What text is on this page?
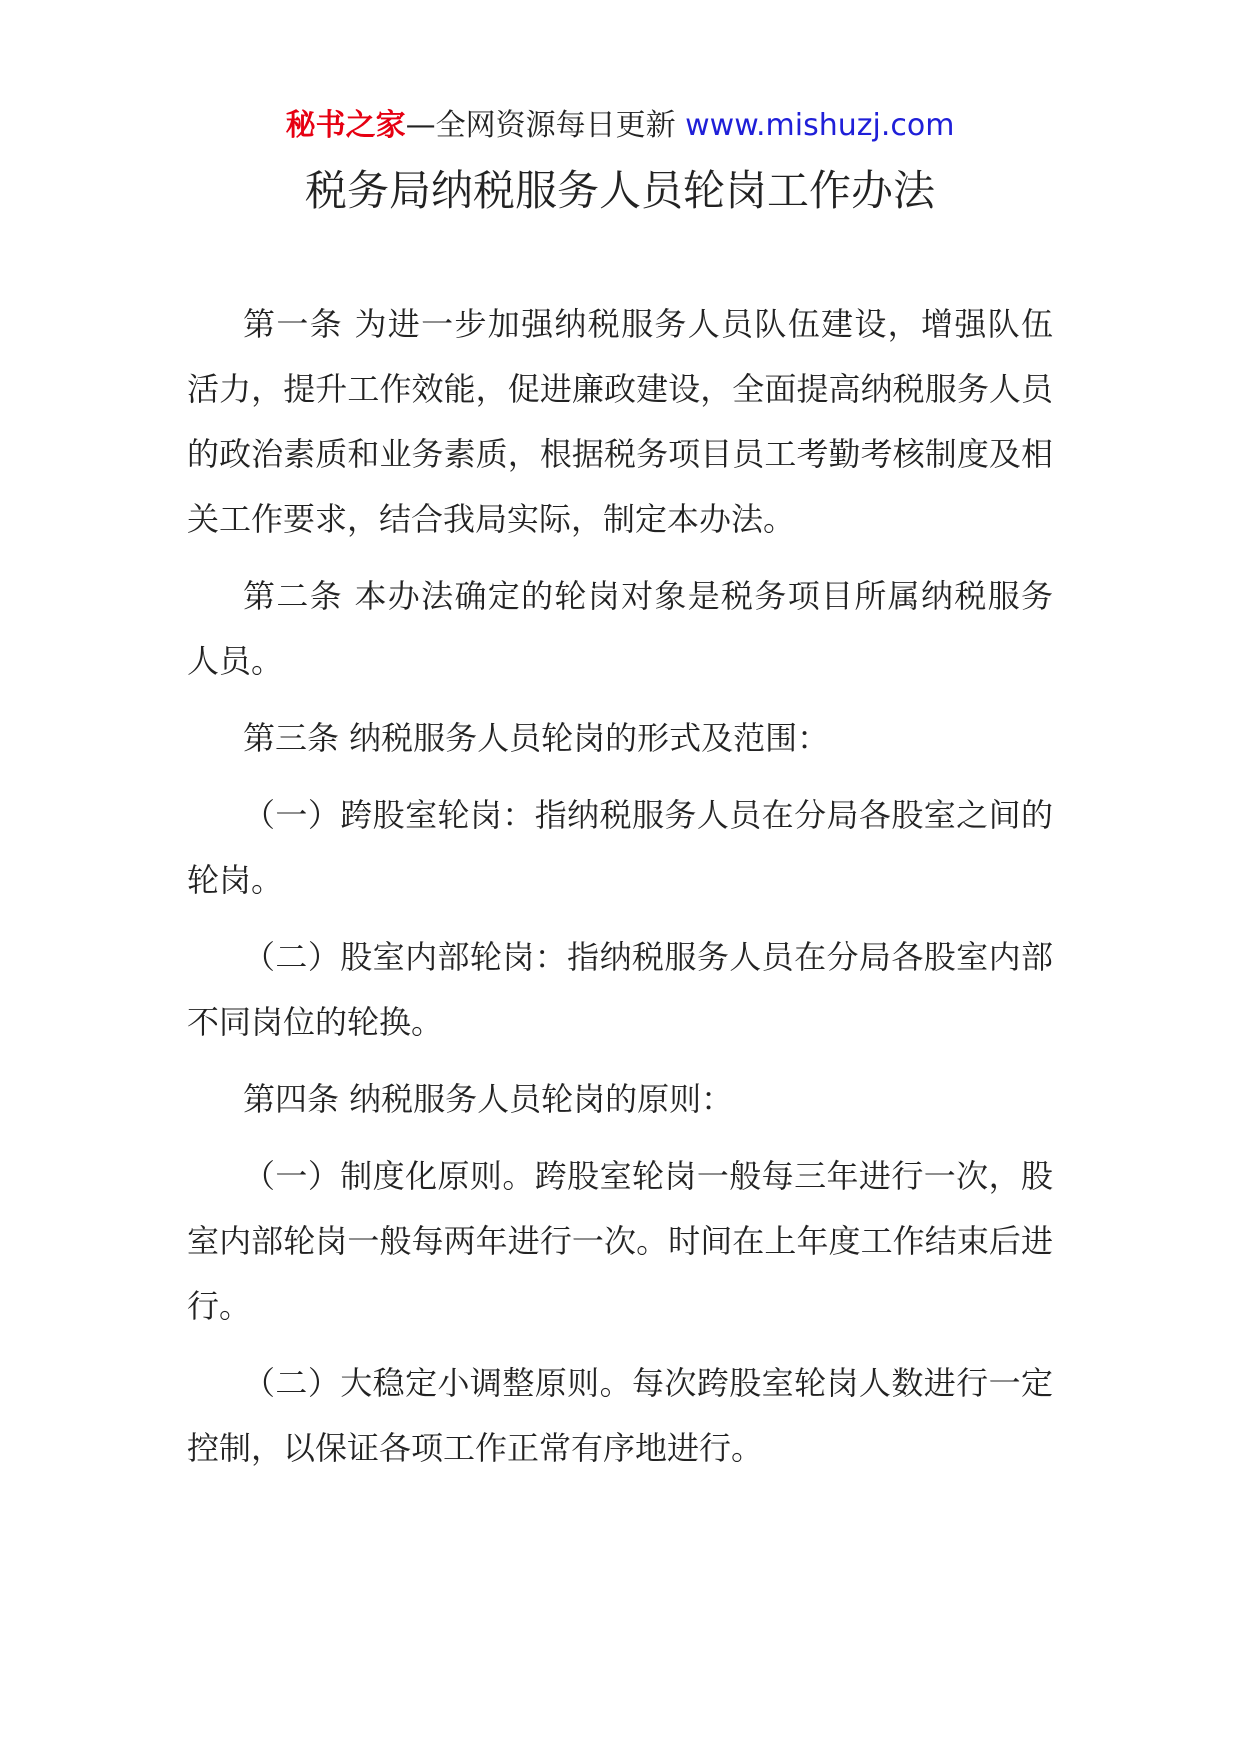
秘书之家—全网资源每日更新 www.mishuzj.com
税务局纳税服务人员轮岗工作办法

第一条 为进一步加强纳税服务人员队伍建设，增强队伍活力，提升工作效能，促进廉政建设，全面提高纳税服务人员的政治素质和业务素质，根据税务项目员工考勤考核制度及相关工作要求，结合我局实际，制定本办法。

第二条 本办法确定的轮岗对象是税务项目所属纳税服务人员。

第三条 纳税服务人员轮岗的形式及范围：

（一）跨股室轮岗：指纳税服务人员在分局各股室之间的轮岗。

（二）股室内部轮岗：指纳税服务人员在分局各股室内部不同岗位的轮换。

第四条 纳税服务人员轮岗的原则：

（一）制度化原则。跨股室轮岗一般每三年进行一次，股室内部轮岗一般每两年进行一次。时间在上年度工作结束后进行。

（二）大稳定小调整原则。每次跨股室轮岗人数进行一定控制，以保证各项工作正常有序地进行。
